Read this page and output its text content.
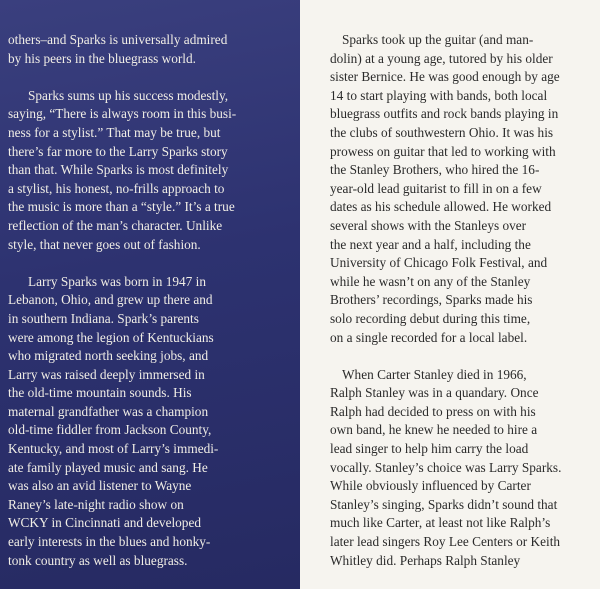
others–and Sparks is universally admired
by his peers in the bluegrass world.
Sparks sums up his success modestly,
saying, “There is always room in this busi-
ness for a stylist.” That may be true, but
there’s far more to the Larry Sparks story
than that. While Sparks is most definitely
a stylist, his honest, no-frills approach to
the music is more than a “style.” It’s a true
reflection of the man’s character. Unlike
style, that never goes out of fashion.
Larry Sparks was born in 1947 in
Lebanon, Ohio, and grew up there and
in southern Indiana. Spark’s parents
were among the legion of Kentuckians
who migrated north seeking jobs, and
Larry was raised deeply immersed in
the old-time mountain sounds. His
maternal grandfather was a champion
old-time fiddler from Jackson County,
Kentucky, and most of Larry’s immedi-
ate family played music and sang. He
was also an avid listener to Wayne
Raney’s late-night radio show on
WCKY in Cincinnati and developed
early interests in the blues and honky-
tonk country as well as bluegrass.
Sparks took up the guitar (and man-
dolin) at a young age, tutored by his older
sister Bernice. He was good enough by age
14 to start playing with bands, both local
bluegrass outfits and rock bands playing in
the clubs of southwestern Ohio. It was his
prowess on guitar that led to working with
the Stanley Brothers, who hired the 16-
year-old lead guitarist to fill in on a few
dates as his schedule allowed. He worked
several shows with the Stanleys over
the next year and a half, including the
University of Chicago Folk Festival, and
while he wasn’t on any of the Stanley
Brothers’ recordings, Sparks made his
solo recording debut during this time,
on a single recorded for a local label.
When Carter Stanley died in 1966,
Ralph Stanley was in a quandary. Once
Ralph had decided to press on with his
own band, he knew he needed to hire a
lead singer to help him carry the load
vocally. Stanley’s choice was Larry Sparks.
While obviously influenced by Carter
Stanley’s singing, Sparks didn’t sound that
much like Carter, at least not like Ralph’s
later lead singers Roy Lee Centers or Keith
Whitley did. Perhaps Ralph Stanley
